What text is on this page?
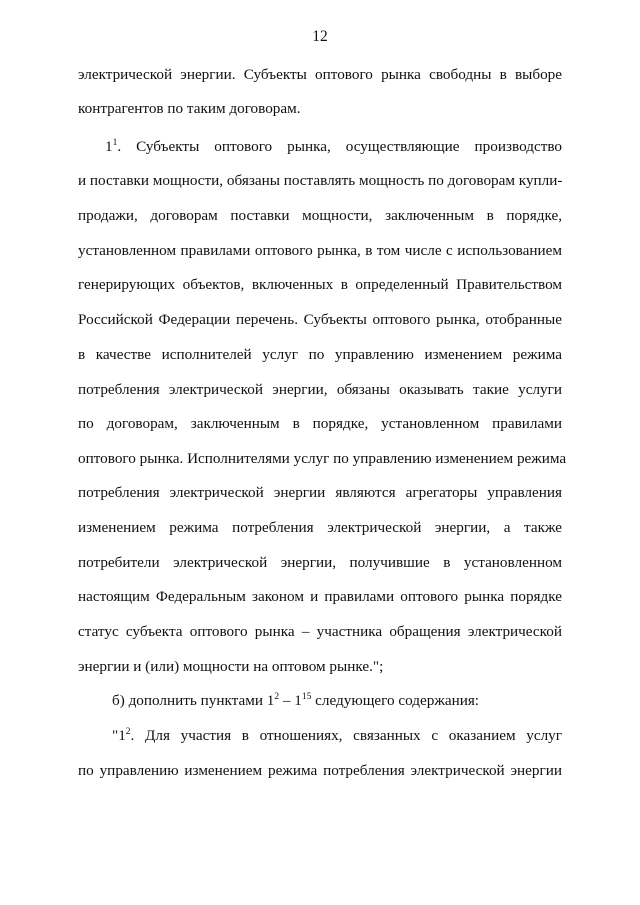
12
электрической энергии. Субъекты оптового рынка свободны в выборе
контрагентов по таким договорам.
$1^1$. Субъекты оптового рынка, осуществляющие производство
и поставки мощности, обязаны поставлять мощность по договорам купли-
продажи, договорам поставки мощности, заключенным в порядке,
установленном правилами оптового рынка, в том числе с использованием
генерирующих объектов, включенных в определенный Правительством
Российской Федерации перечень. Субъекты оптового рынка, отобранные
в качестве исполнителей услуг по управлению изменением режима
потребления электрической энергии, обязаны оказывать такие услуги
по договорам, заключенным в порядке, установленном правилами
оптового рынка. Исполнителями услуг по управлению изменением режима
потребления электрической энергии являются агрегаторы управления
изменением режима потребления электрической энергии, а также
потребители электрической энергии, получившие в установленном
настоящим Федеральным законом и правилами оптового рынка порядке
статус субъекта оптового рынка – участника обращения электрической
энергии и (или) мощности на оптовом рынке.";
б) дополнить пунктами $1^2 - 1^{15}$ следующего содержания:
"$1^2$. Для участия в отношениях, связанных с оказанием услуг
по управлению изменением режима потребления электрической энергии
